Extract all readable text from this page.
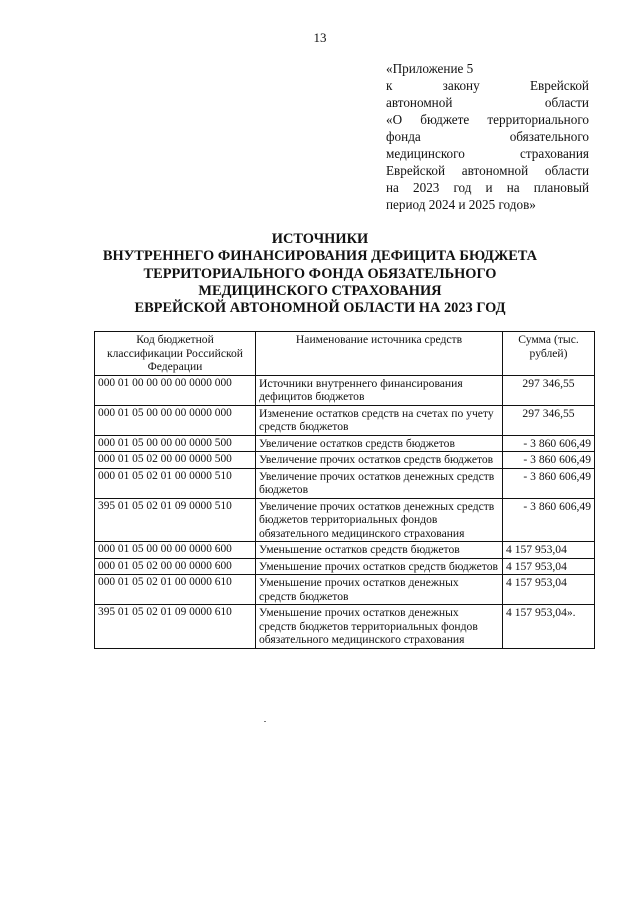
13
«Приложение 5
к закону Еврейской
автономной области
«О бюджете территориального
фонда обязательного
медицинского страхования
Еврейской автономной области
на 2023 год и на плановый
период 2024 и 2025 годов»
ИСТОЧНИКИ
ВНУТРЕННЕГО ФИНАНСИРОВАНИЯ ДЕФИЦИТА БЮДЖЕТА
ТЕРРИТОРИАЛЬНОГО ФОНДА ОБЯЗАТЕЛЬНОГО
МЕДИЦИНСКОГО СТРАХОВАНИЯ
ЕВРЕЙСКОЙ АВТОНОМНОЙ ОБЛАСТИ НА 2023 ГОД
Код бюджетной классификации Российской Федерации	Наименование источника средств	Сумма (тыс. рублей)
000 01 00 00 00 00 0000 000	Источники внутреннего финансирования дефицитов бюджетов	297 346,55
000 01 05 00 00 00 0000 000	Изменение остатков средств на счетах по учету средств бюджетов	297 346,55
000 01 05 00 00 00 0000 500	Увеличение остатков средств бюджетов	- 3 860 606,49
000 01 05 02 00 00 0000 500	Увеличение прочих остатков средств бюджетов	- 3 860 606,49
000 01 05 02 01 00 0000 510	Увеличение прочих остатков денежных средств бюджетов	- 3 860 606,49
395 01 05 02 01 09 0000 510	Увеличение прочих остатков денежных средств бюджетов территориальных фондов обязательного медицинского страхования	- 3 860 606,49
000 01 05 00 00 00 0000 600	Уменьшение остатков средств бюджетов	4 157 953,04
000 01 05 02 00 00 0000 600	Уменьшение прочих остатков средств бюджетов	4 157 953,04
000 01 05 02 01 00 0000 610	Уменьшение прочих остатков денежных средств бюджетов	4 157 953,04
395 01 05 02 01 09 0000 610	Уменьшение прочих остатков денежных средств бюджетов территориальных фондов обязательного медицинского страхования	4 157 953,04».
